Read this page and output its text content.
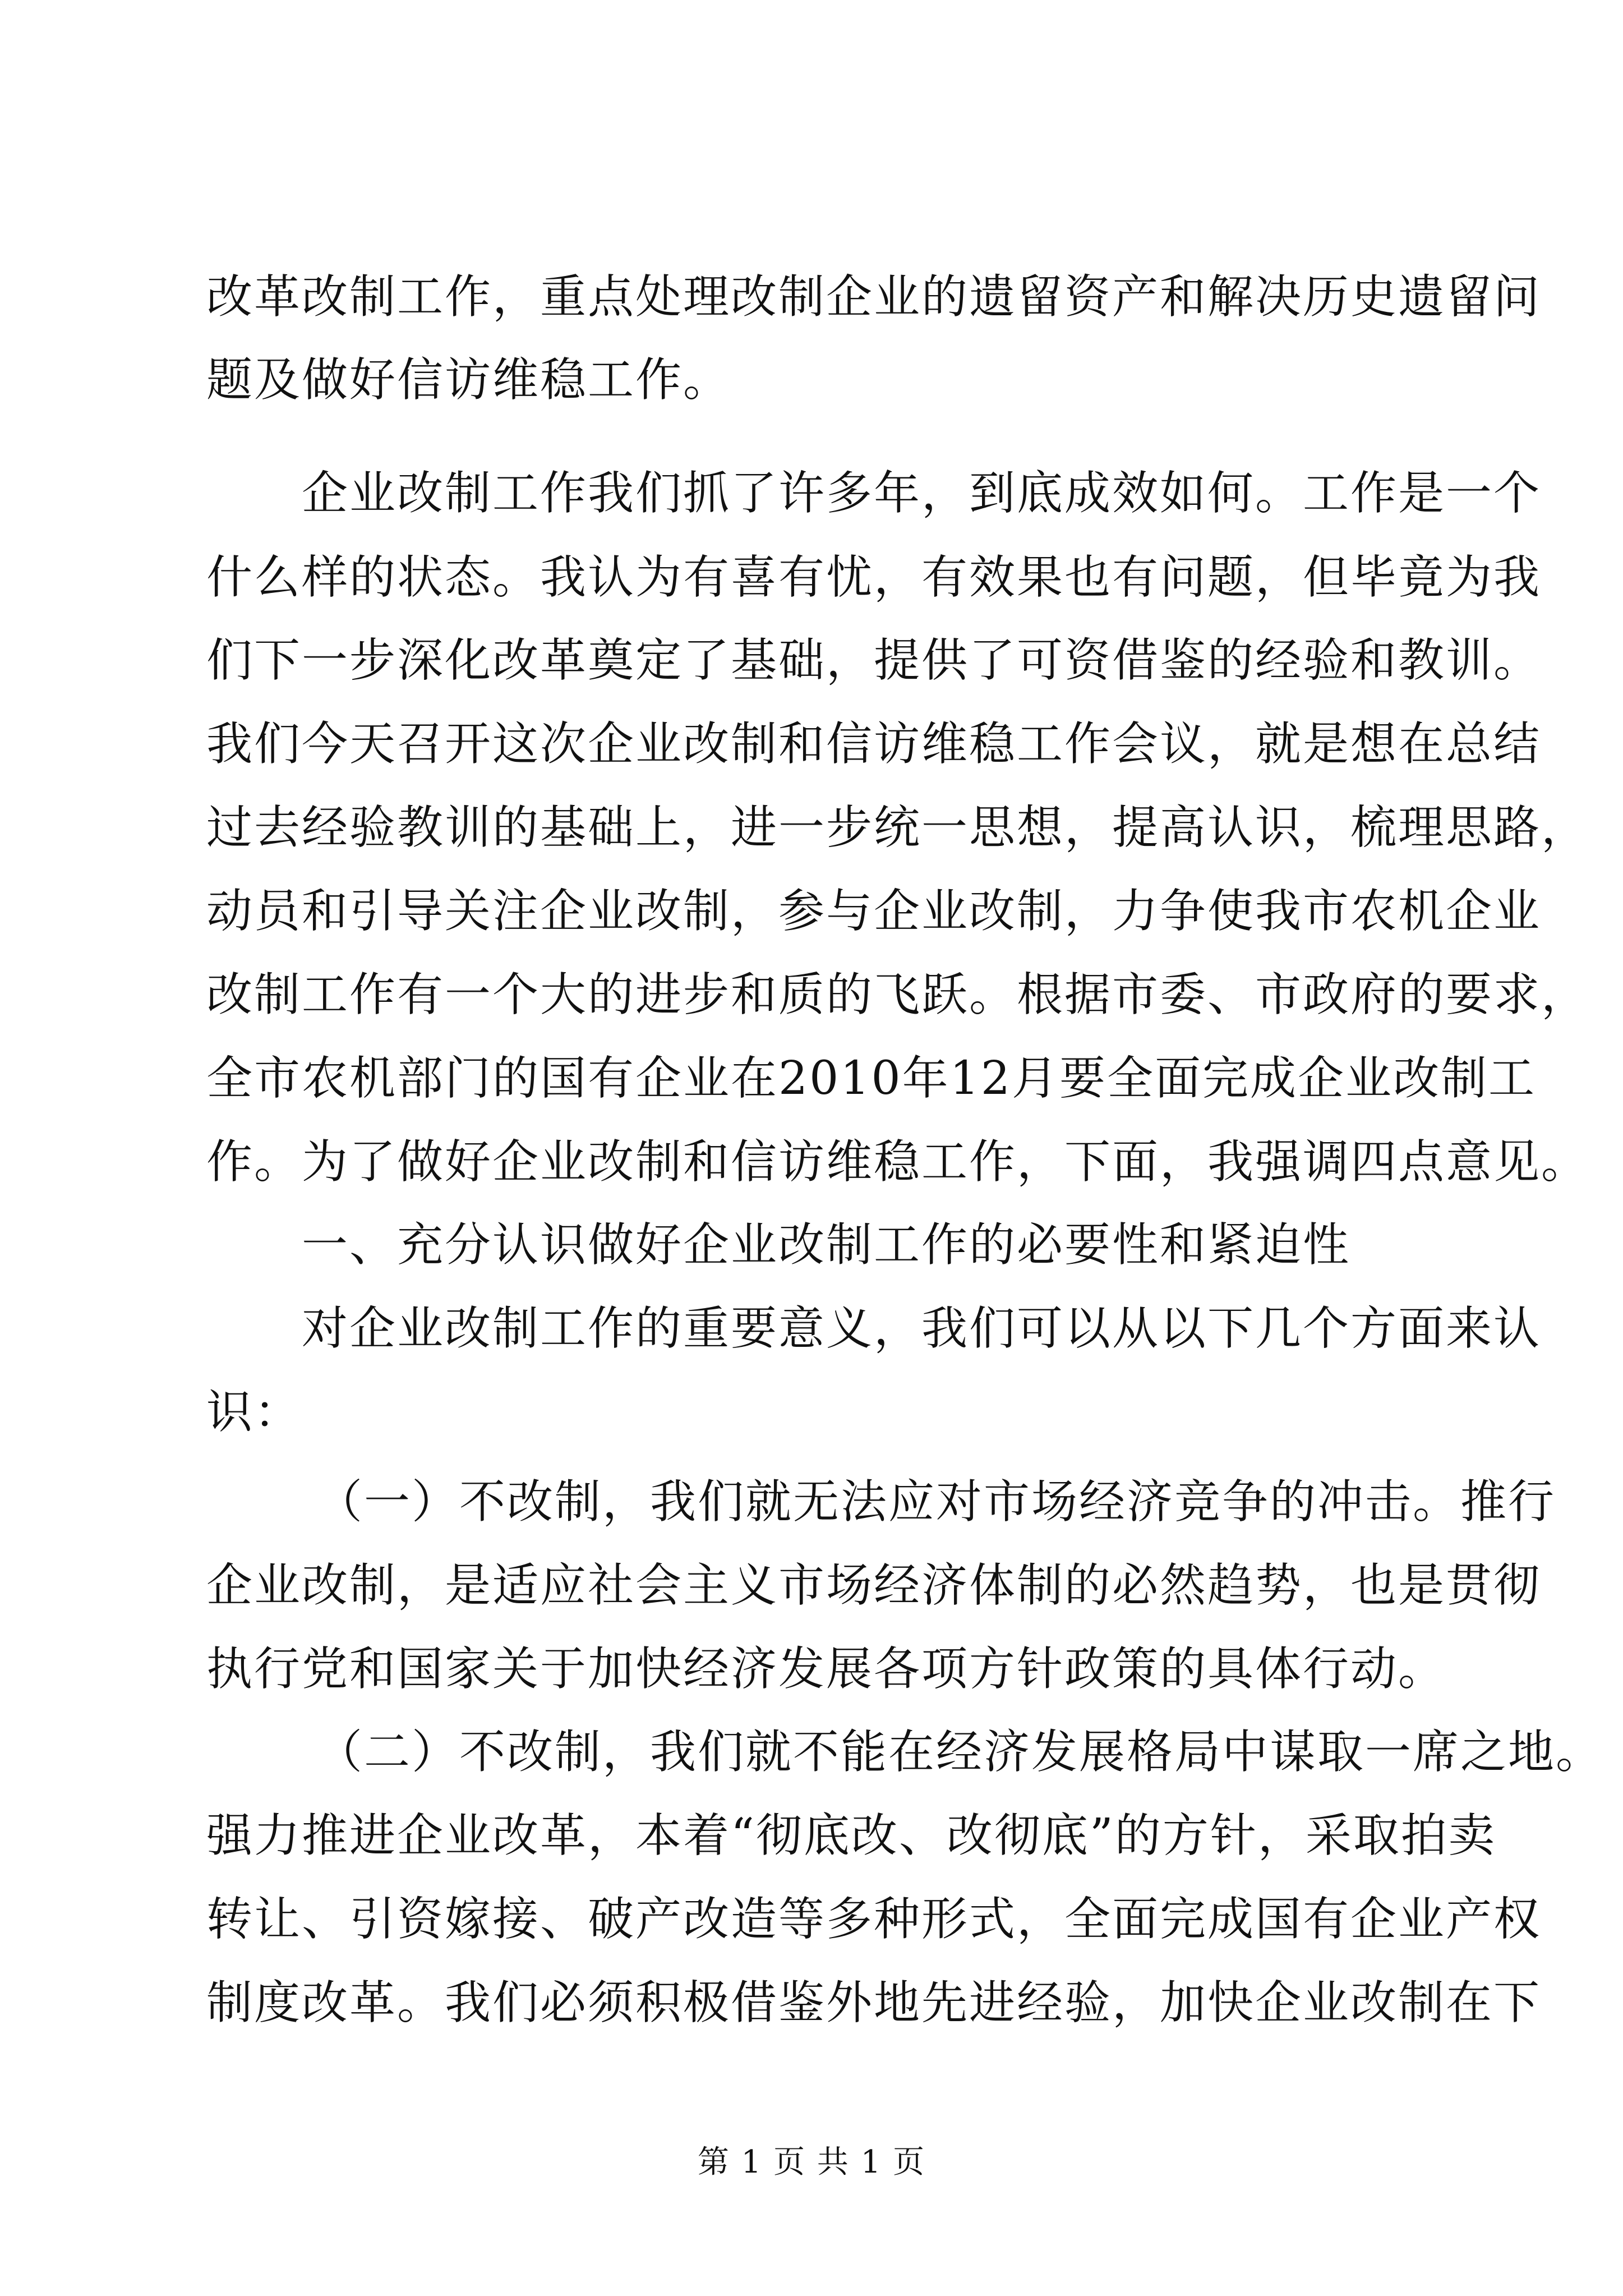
改革改制工作，重点处理改制企业的遗留资产和解决历史遗留问
题及做好信访维稳工作。
企业改制工作我们抓了许多年，到底成效如何。工作是一个
什么样的状态。我认为有喜有忧，有效果也有问题，但毕竟为我
们下一步深化改革奠定了基础，提供了可资借鉴的经验和教训。
我们今天召开这次企业改制和信访维稳工作会议，就是想在总结
过去经验教训的基础上，进一步统一思想，提高认识，梳理思路，
动员和引导关注企业改制，参与企业改制，力争使我市农机企业
改制工作有一个大的进步和质的飞跃。根据市委、市政府的要求，
全市农机部门的国有企业在2010年12月要全面完成企业改制工
作。为了做好企业改制和信访维稳工作，下面，我强调四点意见。
一、充分认识做好企业改制工作的必要性和紧迫性
对企业改制工作的重要意义，我们可以从以下几个方面来认
识：
（一）不改制，我们就无法应对市场经济竞争的冲击。推行
企业改制，是适应社会主义市场经济体制的必然趋势，也是贯彻
执行党和国家关于加快经济发展各项方针政策的具体行动。
（二）不改制，我们就不能在经济发展格局中谋取一席之地。
强力推进企业改革，本着“彻底改、改彻底”的方针，采取拍卖
转让、引资嫁接、破产改造等多种形式，全面完成国有企业产权
制度改革。我们必须积极借鉴外地先进经验，加快企业改制在下
第 1 页 共 1 页
